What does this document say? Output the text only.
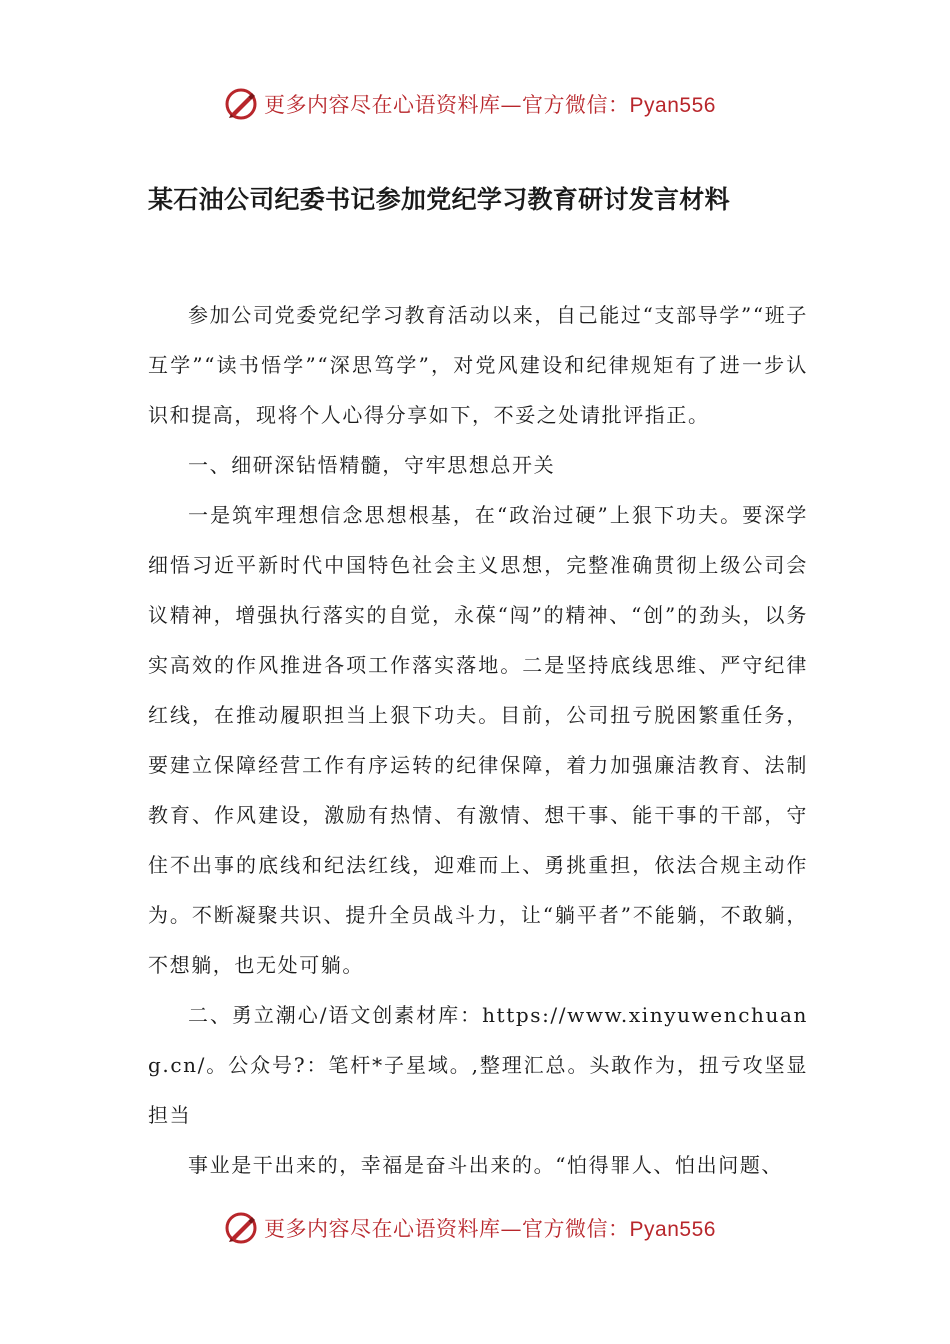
更多内容尽在心语资料库—官方微信：Pyan556
某石油公司纪委书记参加党纪学习教育研讨发言材料

参加公司党委党纪学习教育活动以来，自己能过“支部导学”“班子互学”“读书悟学”“深思笃学”，对党风建设和纪律规矩有了进一步认识和提高，现将个人心得分享如下，不妥之处请批评指正。

一、细研深钻悟精髓，守牢思想总开关

一是筑牢理想信念思想根基，在“政治过硬”上狠下功夫。要深学细悟习近平新时代中国特色社会主义思想，完整准确贯彻上级公司会议精神，增强执行落实的自觉，永葆“闯”的精神、“创”的劲头，以务实高效的作风推进各项工作落实落地。二是坚持底线思维、严守纪律红线，在推动履职担当上狠下功夫。目前，公司扭亏脱困繁重任务，要建立保障经营工作有序运转的纪律保障，着力加强廉洁教育、法制教育、作风建设，激励有热情、有激情、想干事、能干事的干部，守住不出事的底线和纪法红线，迎难而上、勇挑重担，依法合规主动作为。不断凝聚共识、提升全员战斗力，让“躺平者”不能躺，不敢躺，不想躺，也无处可躺。

二、勇立潮心/语文创素材库：https://www.xinyuwenchuang.cn/。公众号?：笔杆*子星域。,整理汇总。头敢作为，扭亏攻坚显担当

事业是干出来的，幸福是奋斗出来的。“怕得罪人、怕出问题、

更多内容尽在心语资料库—官方微信：Pyan556
